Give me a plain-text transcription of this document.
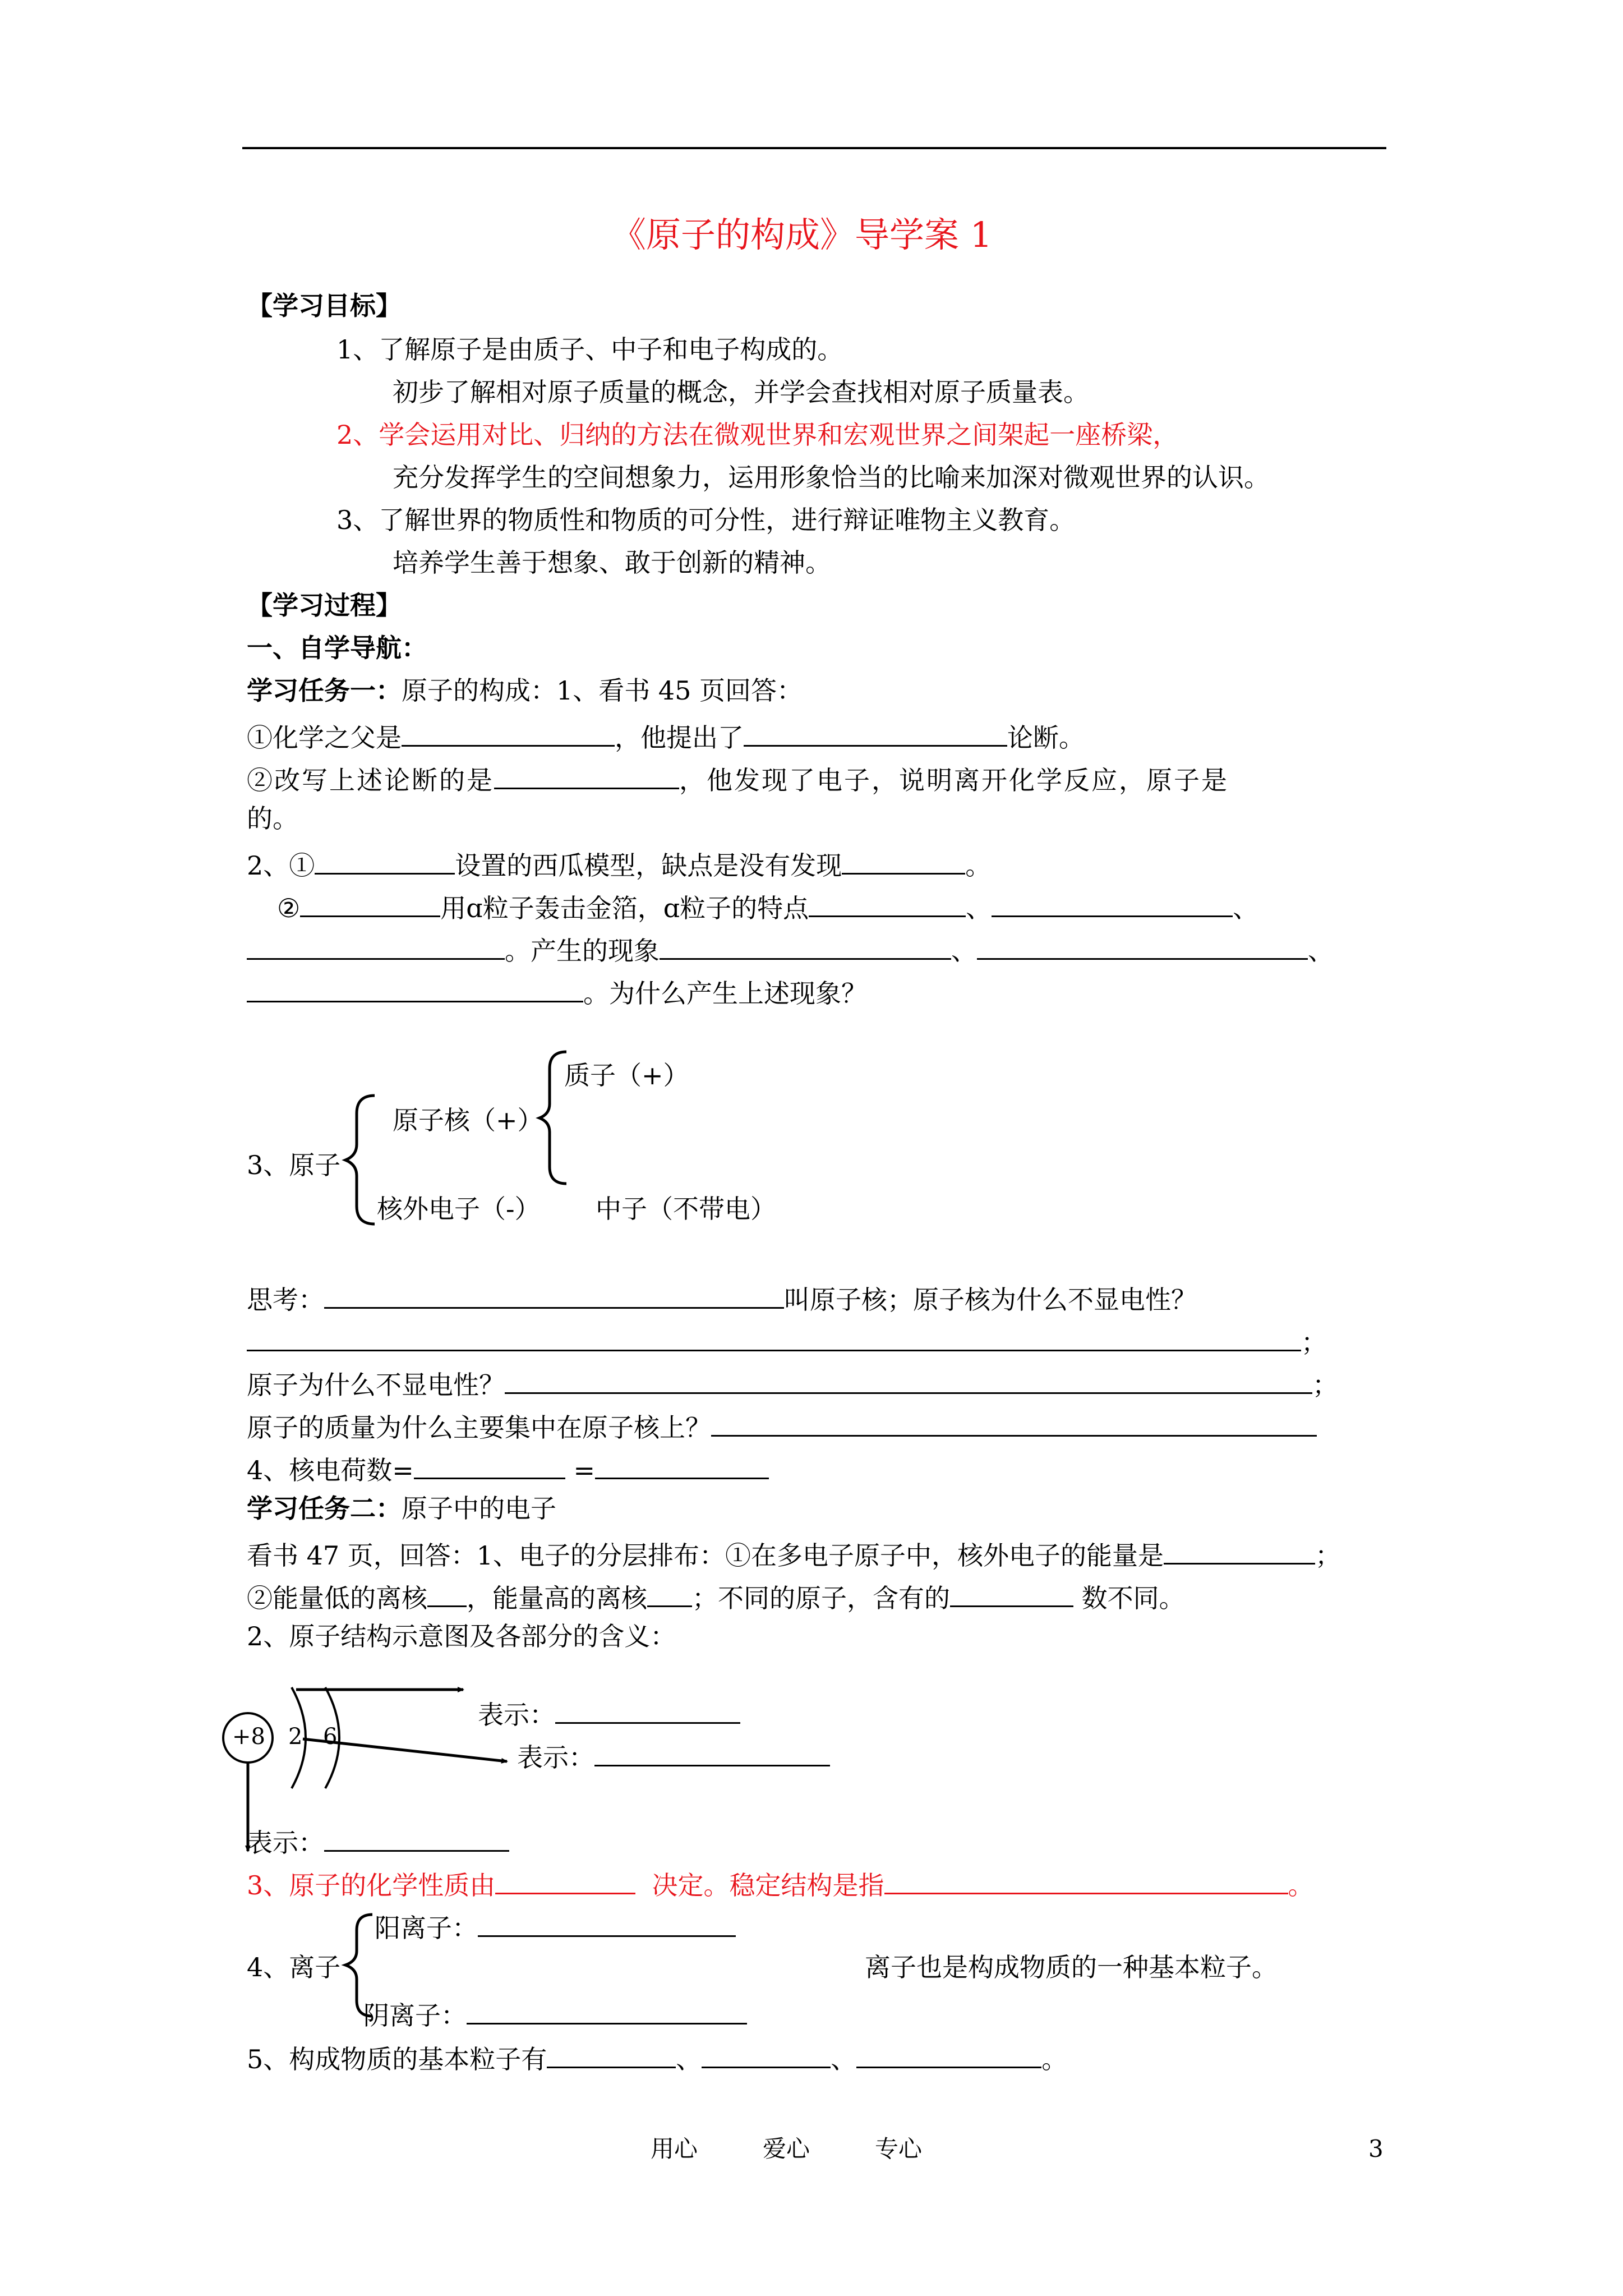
《原子的构成》导学案 1
【学习目标】
1、了解原子是由质子、中子和电子构成的。
初步了解相对原子质量的概念，并学会查找相对原子质量表。
2、学会运用对比、归纳的方法在微观世界和宏观世界之间架起一座桥梁，
充分发挥学生的空间想象力，运用形象恰当的比喻来加深对微观世界的认识。
3、了解世界的物质性和物质的可分性，进行辩证唯物主义教育。
培养学生善于想象、敢于创新的精神。
【学习过程】
一、自学导航：
学习任务一：原子的构成：1、看书 45 页回答：
①化学之父是	，他提出了	论断。
②改写上述论断的是	，他发现了电子，说明离开化学反应，原子是
的。
2、①	设置的西瓜模型，缺点是没有发现	。
②	用ɑ粒子轰击金箔，ɑ粒子的特点	、	、
。产生的现象	、	、
。为什么产生上述现象？
质子（+）
原子核（+）
3、原子
核外电子（-） 中子（不带电）
思考：	叫原子核；原子核为什么不显电性？
；
原子为什么不显电性？	；
原子的质量为什么主要集中在原子核上？
4、核电荷数=	=
学习任务二：原子中的电子
看书 47 页，回答：1、电子的分层排布：①在多电子原子中，核外电子的能量是	；
②能量低的离核 ，能量高的离核 ；不同的原子，含有的	数不同。
2、原子结构示意图及各部分的含义：
+8 2 6
表示：
表示：
表示：
3、原子的化学性质由	决定。稳定结构是指	。
阳离子：
4、离子	离子也是构成物质的一种基本粒子。
阴离子：
5、构成物质的基本粒子有	、	、	。
用心	爱心	专心	3
